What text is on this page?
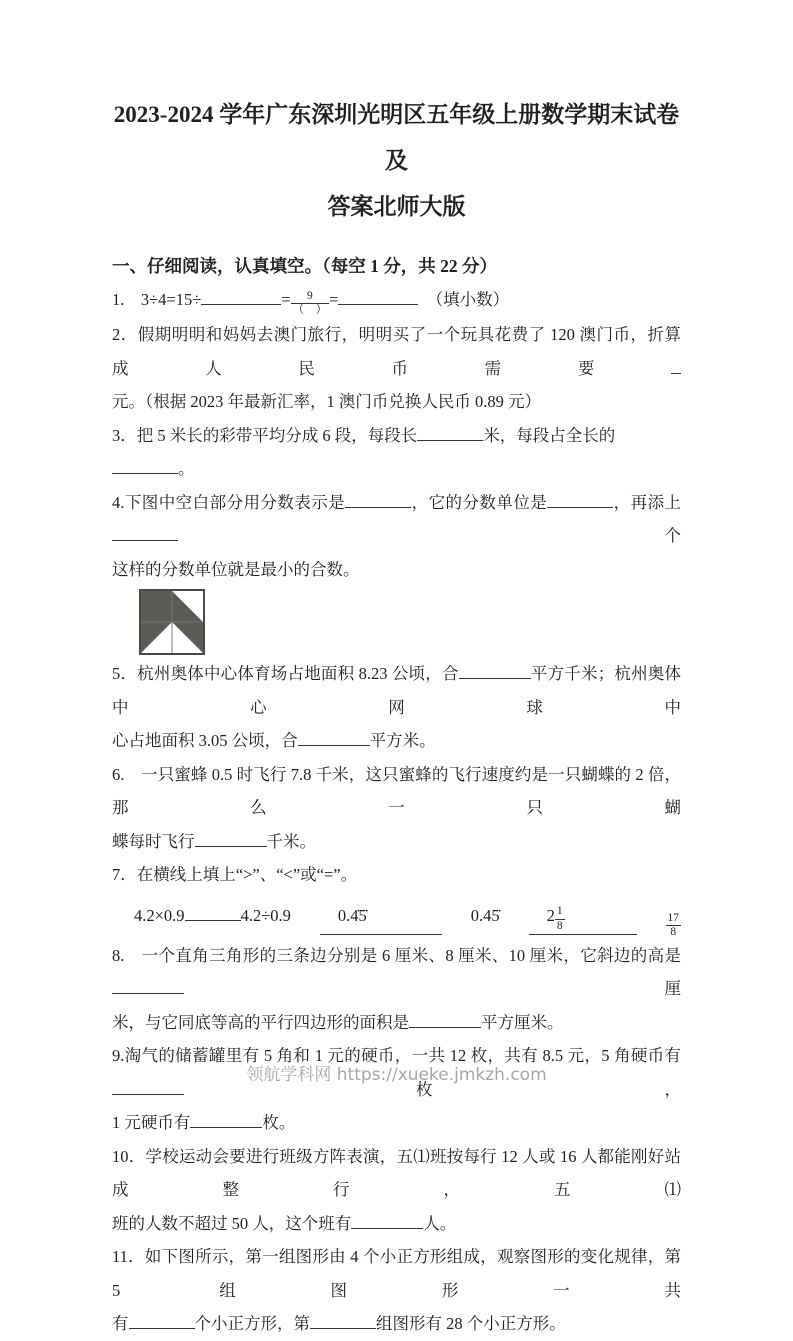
2023-2024 学年广东深圳光明区五年级上册数学期末试卷及
答案北师大版
一、仔细阅读，认真填空。（每空 1 分，共 22 分）
1.　3÷4=15÷	= $\frac{9}{( )}$ =　	（填小数）
2．假期明明和妈妈去澳门旅行，明明买了一个玩具花费了 120 澳门币，折算成人民币需要
元。（根据 2023 年最新汇率，1 澳门币兑换人民币 0.89 元）
3．把 5 米长的彩带平均分成 6 段，每段长	米，每段占全长的。
4.下图中空白部分用分数表示是	，它的分数单位是	，再添上个
这样的分数单位就是最小的合数。
5．杭州奥体中心体育场占地面积 8.23 公顷，合	平方千米；杭州奥体中心网球中
心占地面积 3.05 公顷，合	平方米。
6.　一只蜜蜂 0.5 时飞行 7.8 千米，这只蜜蜂的飞行速度约是一只蝴蝶的 2 倍，那么一只蝴
蝶每时飞行	千米。
7．在横线上填上“>”、“<”或“=”。
4.2×0.9	4.2÷0.9	0.4̇5̇	0.45̇	$2 \frac{1}{8}$	$\frac{17}{8}$
8.　一个直角三角形的三条边分别是 6 厘米、8 厘米、10 厘米，它斜边的高是厘
米，与它同底等高的平行四边形的面积是	平方厘米。
9.淘气的储蓄罐里有 5 角和 1 元的硬币，一共 12 枚，共有 8.5 元，5 角硬币有枚，
1 元硬币有	枚。
10．学校运动会要进行班级方阵表演，五⑴班按每行 12 人或 16 人都能刚好站成整行，五⑴
班的人数不超过 50 人，这个班有	人。
11．如下图所示，第一组图形由 4 个小正方形组成，观察图形的变化规律，第 5 组图形一共
有	个小正方形，第	组图形有 28 个小正方形。
领航学科网 https://xueke.jmkzh.com
